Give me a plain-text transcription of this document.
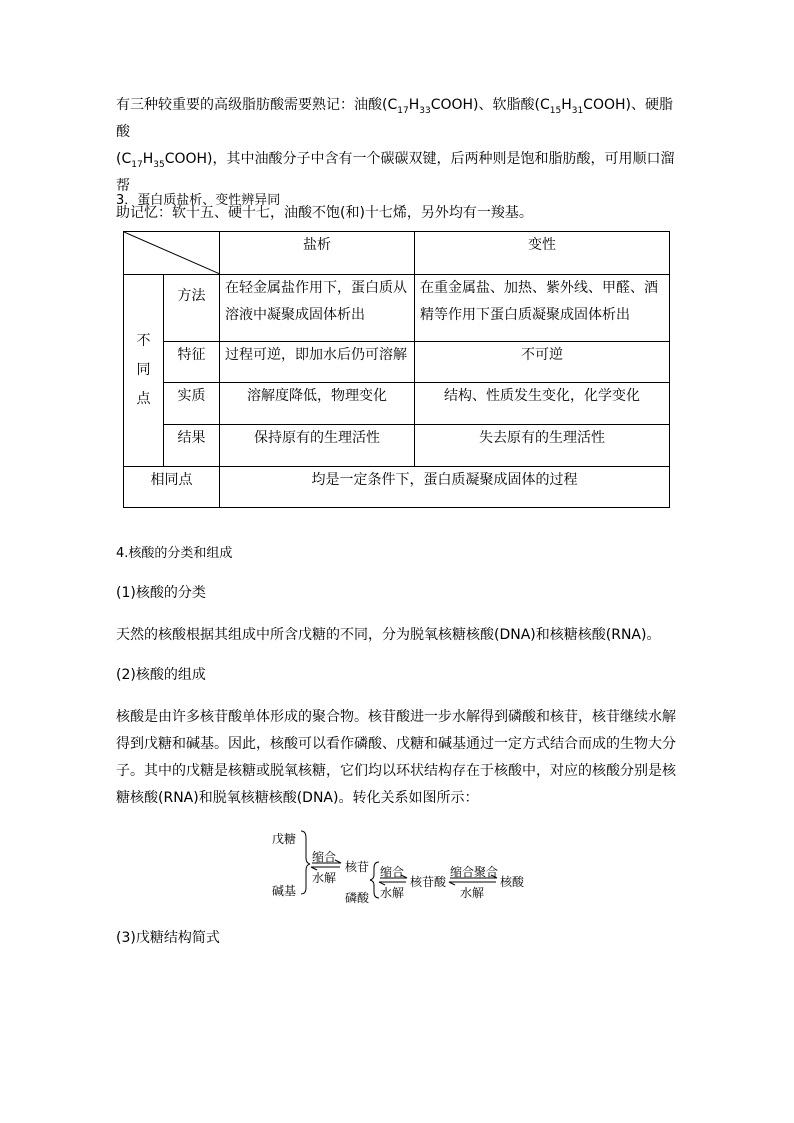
有三种较重要的高级脂肪酸需要熟记：油酸$(C_{17}H_{33}COOH)$、软脂酸$(C_{15}H_{31}COOH)$、硬脂酸
$(C_{17}H_{35}COOH)$，其中油酸分子中含有一个碳碳双键，后两种则是饱和脂肪酸，可用顺口溜帮
助记忆：软十五、硬十七，油酸不饱(和)十七烯，另外均有一羧基。
3．蛋白质盐析、变性辨异同
	盐析	变性

不
同
点	方法	在轻金属盐作用下，蛋白质从溶液中凝聚成固体析出	在重金属盐、加热、紫外线、甲醛、酒精等作用下蛋白质凝聚成固体析出
	特征	过程可逆，即加水后仍可溶解	不可逆
	实质	溶解度降低，物理变化	结构、性质发生变化，化学变化
	结果	保持原有的生理活性	失去原有的生理活性
相同点		均是一定条件下，蛋白质凝聚成固体的过程	
4.核酸的分类和组成
(1)核酸的分类
天然的核酸根据其组成中所含戊糖的不同，分为脱氧核糖核酸(DNA)和核糖核酸(RNA)。
(2)核酸的组成
核酸是由许多核苷酸单体形成的聚合物。核苷酸进一步水解得到磷酸和核苷，核苷继续水解得到戊糖和碱基。因此，核酸可以看作磷酸、戊糖和碱基通过一定方式结合而成的生物大分子。其中的戊糖是核糖或脱氧核糖，它们均以环状结构存在于核酸中，对应的核酸分别是核糖核酸(RNA)和脱氧核糖核酸(DNA)。转化关系如图所示：
戊糖
碱基
缩合
水解
核苷
磷酸
缩合
水解
核苷酸
缩合聚合
水解
核酸
(3)戊糖结构简式
